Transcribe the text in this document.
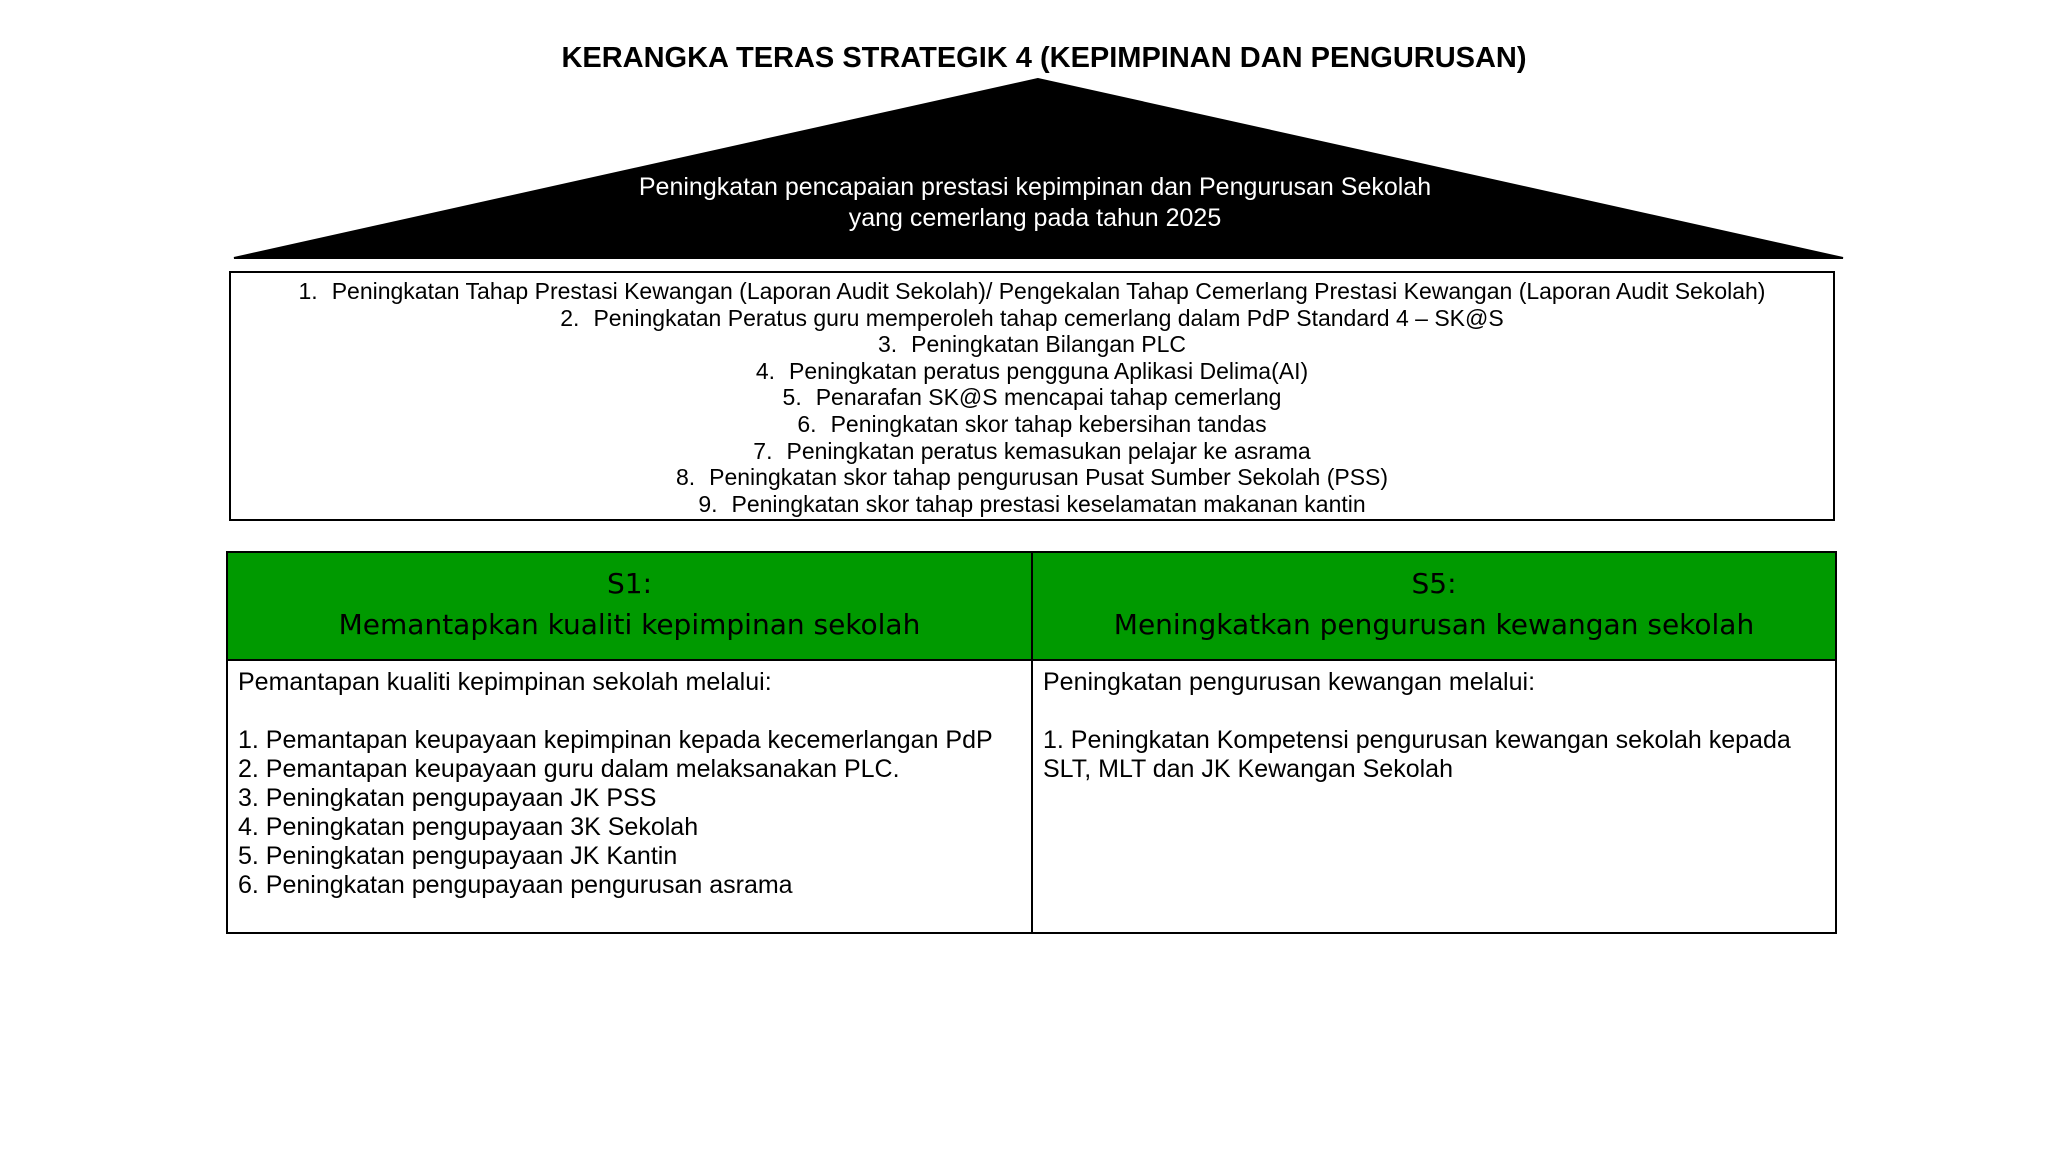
KERANGKA TERAS STRATEGIK 4 (KEPIMPINAN DAN PENGURUSAN)
Peningkatan pencapaian prestasi kepimpinan dan Pengurusan Sekolah
yang cemerlang pada tahun 2025
1. Peningkatan Tahap Prestasi Kewangan (Laporan Audit Sekolah)/ Pengekalan Tahap Cemerlang Prestasi Kewangan (Laporan Audit Sekolah)
2. Peningkatan Peratus guru memperoleh tahap cemerlang dalam PdP Standard 4 – SK@S
3. Peningkatan Bilangan PLC
4. Peningkatan peratus pengguna Aplikasi Delima(AI)
5. Penarafan SK@S mencapai tahap cemerlang
6. Peningkatan skor tahap kebersihan tandas
7. Peningkatan peratus kemasukan pelajar ke asrama
8. Peningkatan skor tahap pengurusan Pusat Sumber Sekolah (PSS)
9. Peningkatan skor tahap prestasi keselamatan makanan kantin
S1:
Memantapkan kualiti kepimpinan sekolah
S5:
Meningkatkan pengurusan kewangan sekolah

Pemantapan kualiti kepimpinan sekolah melalui:

1. Pemantapan keupayaan kepimpinan kepada kecemerlangan PdP
2. Pemantapan keupayaan guru dalam melaksanakan PLC.
3. Peningkatan pengupayaan JK PSS
4. Peningkatan pengupayaan 3K Sekolah
5. Peningkatan pengupayaan JK Kantin
6. Peningkatan pengupayaan pengurusan asrama

Peningkatan pengurusan kewangan melalui:

1. Peningkatan Kompetensi pengurusan kewangan sekolah kepada SLT, MLT dan JK Kewangan Sekolah
